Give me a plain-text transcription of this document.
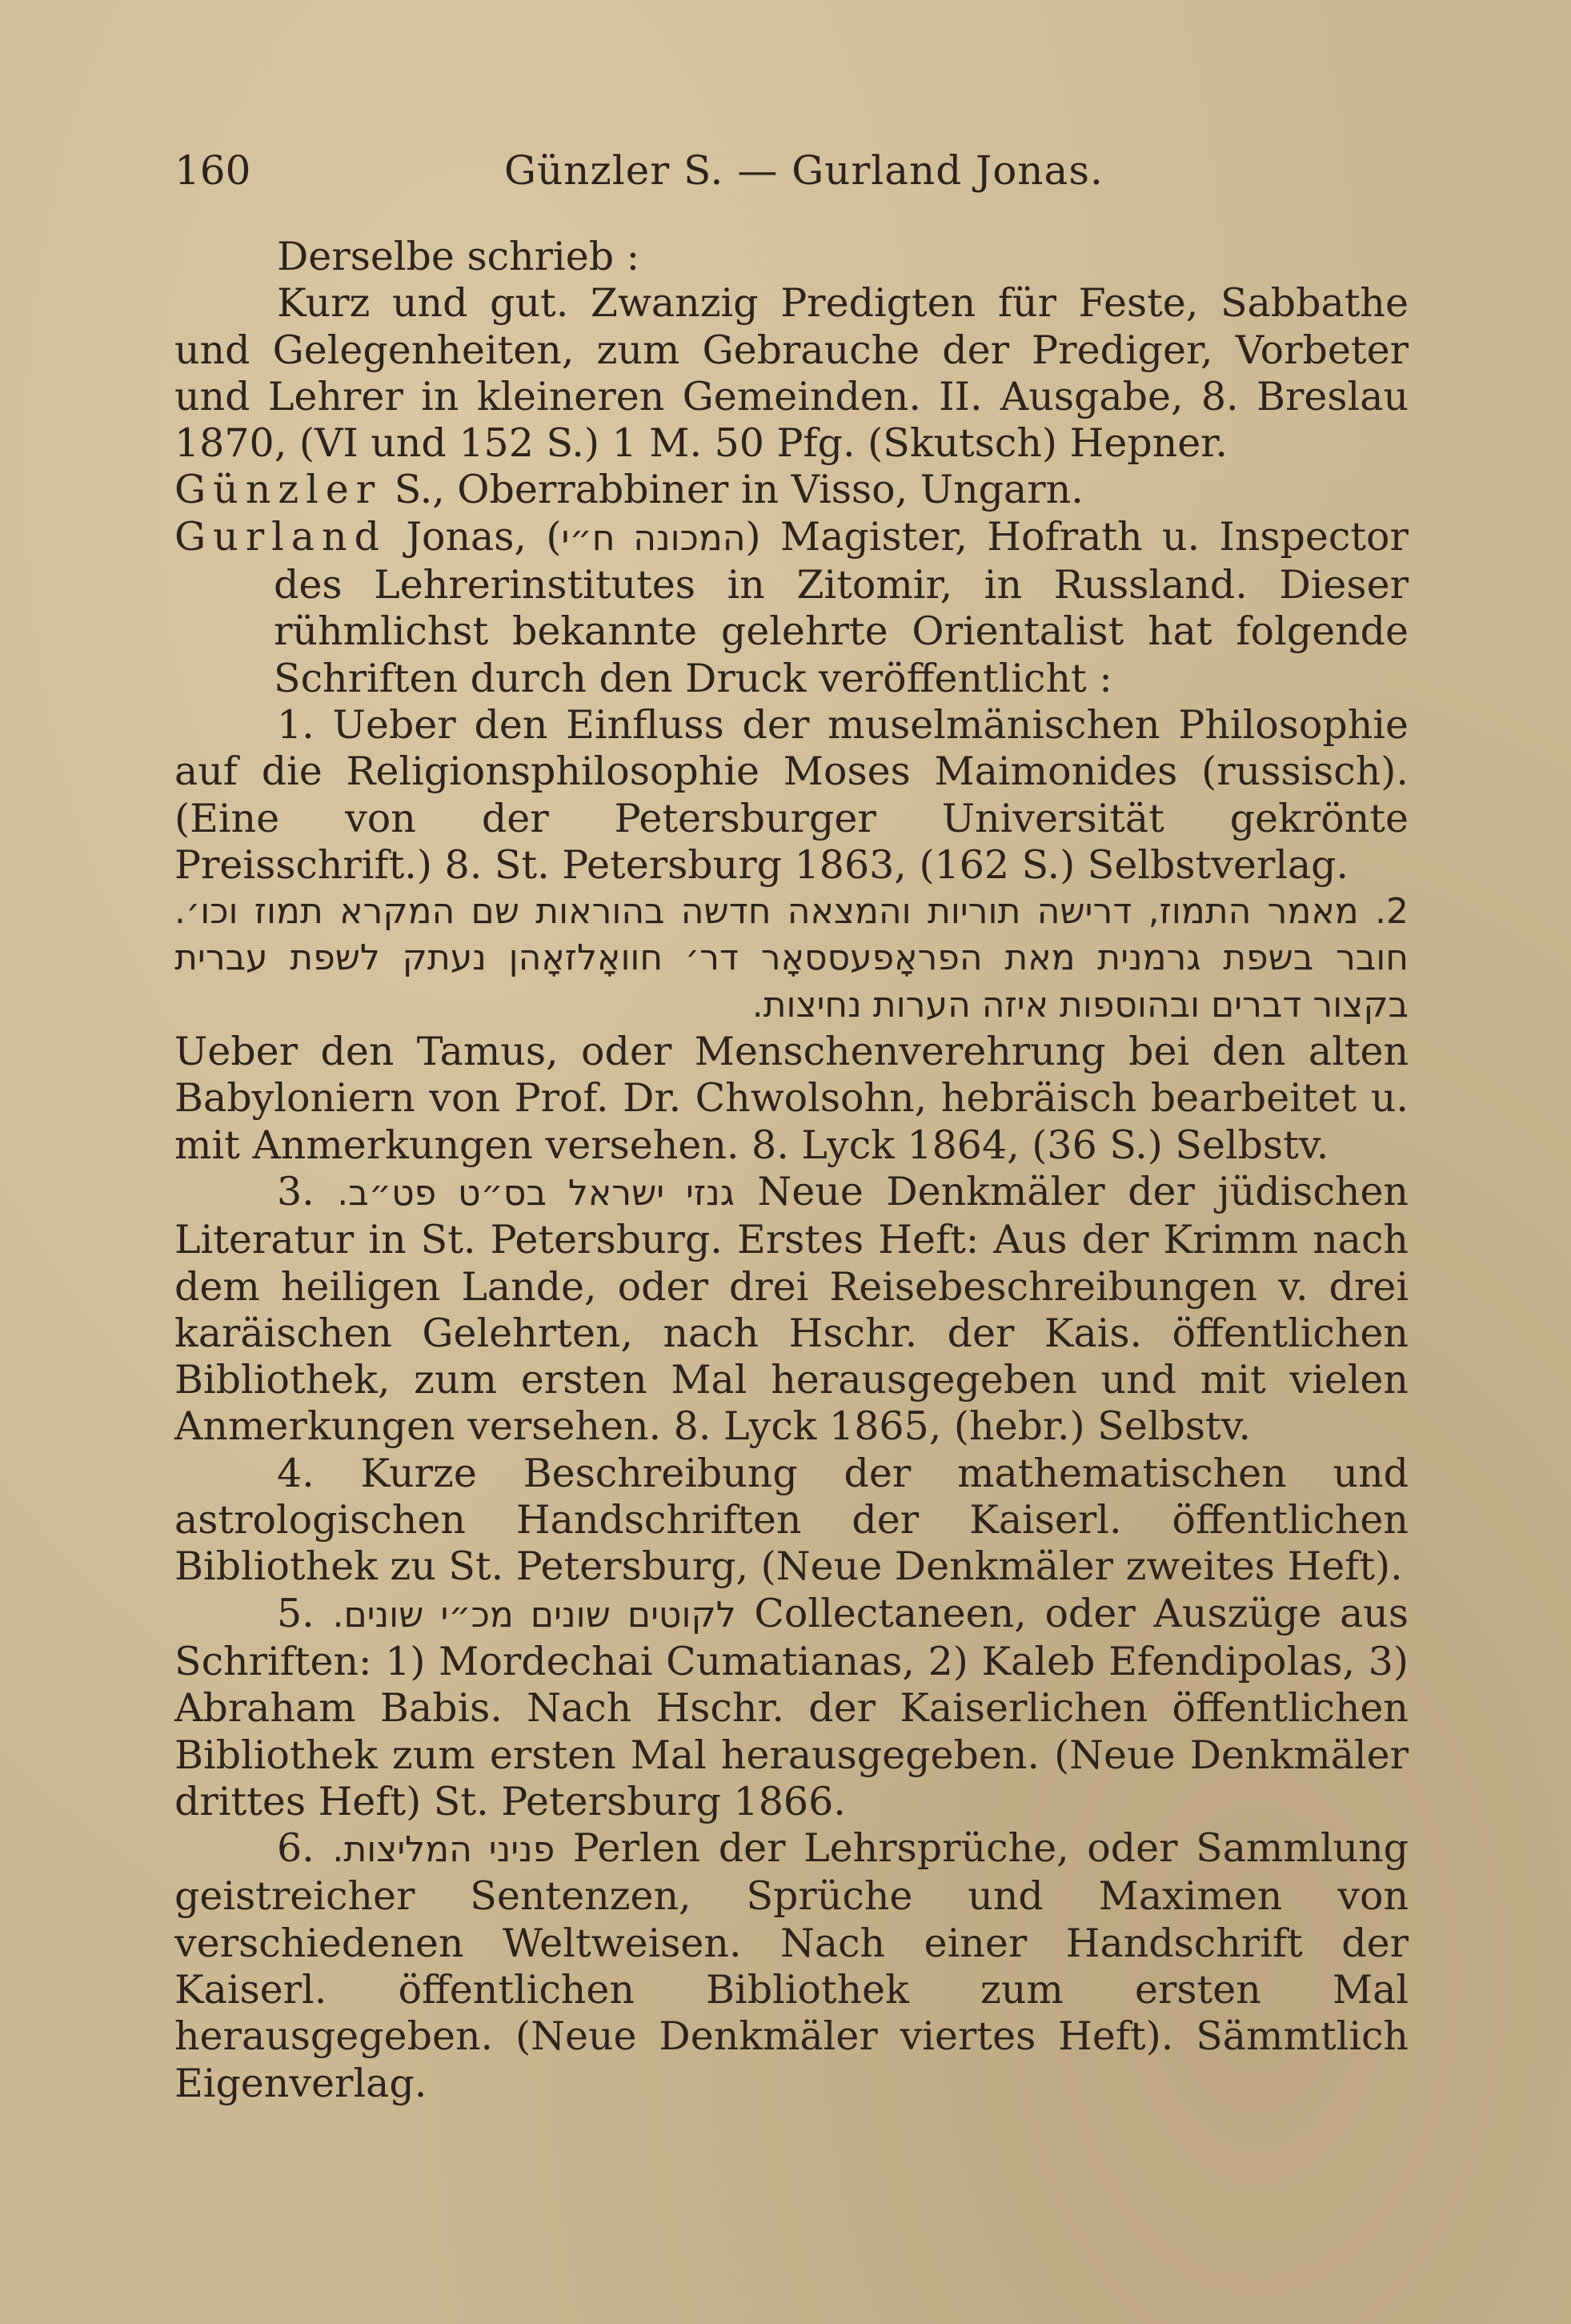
160	Günzler S. — Gurland Jonas.

Derselbe schrieb :

Kurz und gut. Zwanzig Predigten für Feste, Sabbathe und Gelegenheiten, zum Gebrauche der Prediger, Vorbeter und Lehrer in kleineren Gemeinden. II. Ausgabe, 8. Breslau 1870, (VI und 152 S.) 1 M. 50 Pfg. (Skutsch) Hepner.

Günzler S., Oberrabbiner in Visso, Ungarn.

Gurland Jonas, (המכונה ח״י) Magister, Hofrath u. Inspector des Lehrerinstitutes in Zitomir, in Russland. Dieser rühmlichst bekannte gelehrte Orientalist hat folgende Schriften durch den Druck veröffentlicht :

1. Ueber den Einfluss der muselmänischen Philosophie auf die Religionsphilosophie Moses Maimonides (russisch). (Eine von der Petersburger Universität gekrönte Preisschrift.) 8. St. Petersburg 1863, (162 S.) Selbstverlag.

2. מאמר התמוז, דרישה תוריות והמצאה חדשה בהוראות שם המקרא תמוז וכו׳. חובר בשפת גרמנית מאת הפראָפעססאָר דר׳ חוואָלזאָהן נעתק לשפת עברית בקצור דברים ובהוספות איזה הערות נחיצות.

Ueber den Tamus, oder Menschenverehrung bei den alten Babyloniern von Prof. Dr. Chwolsohn, hebräisch bearbeitet u. mit Anmerkungen versehen. 8. Lyck 1864, (36 S.) Selbstv.

3. גנזי ישראל בס״ט פט״ב. Neue Denkmäler der jüdischen Literatur in St. Petersburg. Erstes Heft: Aus der Krimm nach dem heiligen Lande, oder drei Reisebeschreibungen v. drei karäischen Gelehrten, nach Hschr. der Kais. öffentlichen Bibliothek, zum ersten Mal herausgegeben und mit vielen Anmerkungen versehen. 8. Lyck 1865, (hebr.) Selbstv.

4. Kurze Beschreibung der mathematischen und astrologischen Handschriften der Kaiserl. öffentlichen Bibliothek zu St. Petersburg, (Neue Denkmäler zweites Heft).

5. לקוטים שונים מכ״י שונים. Collectaneen, oder Auszüge aus Schriften: 1) Mordechai Cumatianas, 2) Kaleb Efendipolas, 3) Abraham Babis. Nach Hschr. der Kaiserlichen öffentlichen Bibliothek zum ersten Mal herausgegeben. (Neue Denkmäler drittes Heft) St. Petersburg 1866.

6. פניני המליצות. Perlen der Lehrsprüche, oder Sammlung geistreicher Sentenzen, Sprüche und Maximen von verschiedenen Weltweisen. Nach einer Handschrift der Kaiserl. öffentlichen Bibliothek zum ersten Mal herausgegeben. (Neue Denkmäler viertes Heft). Sämmtlich Eigenverlag.
